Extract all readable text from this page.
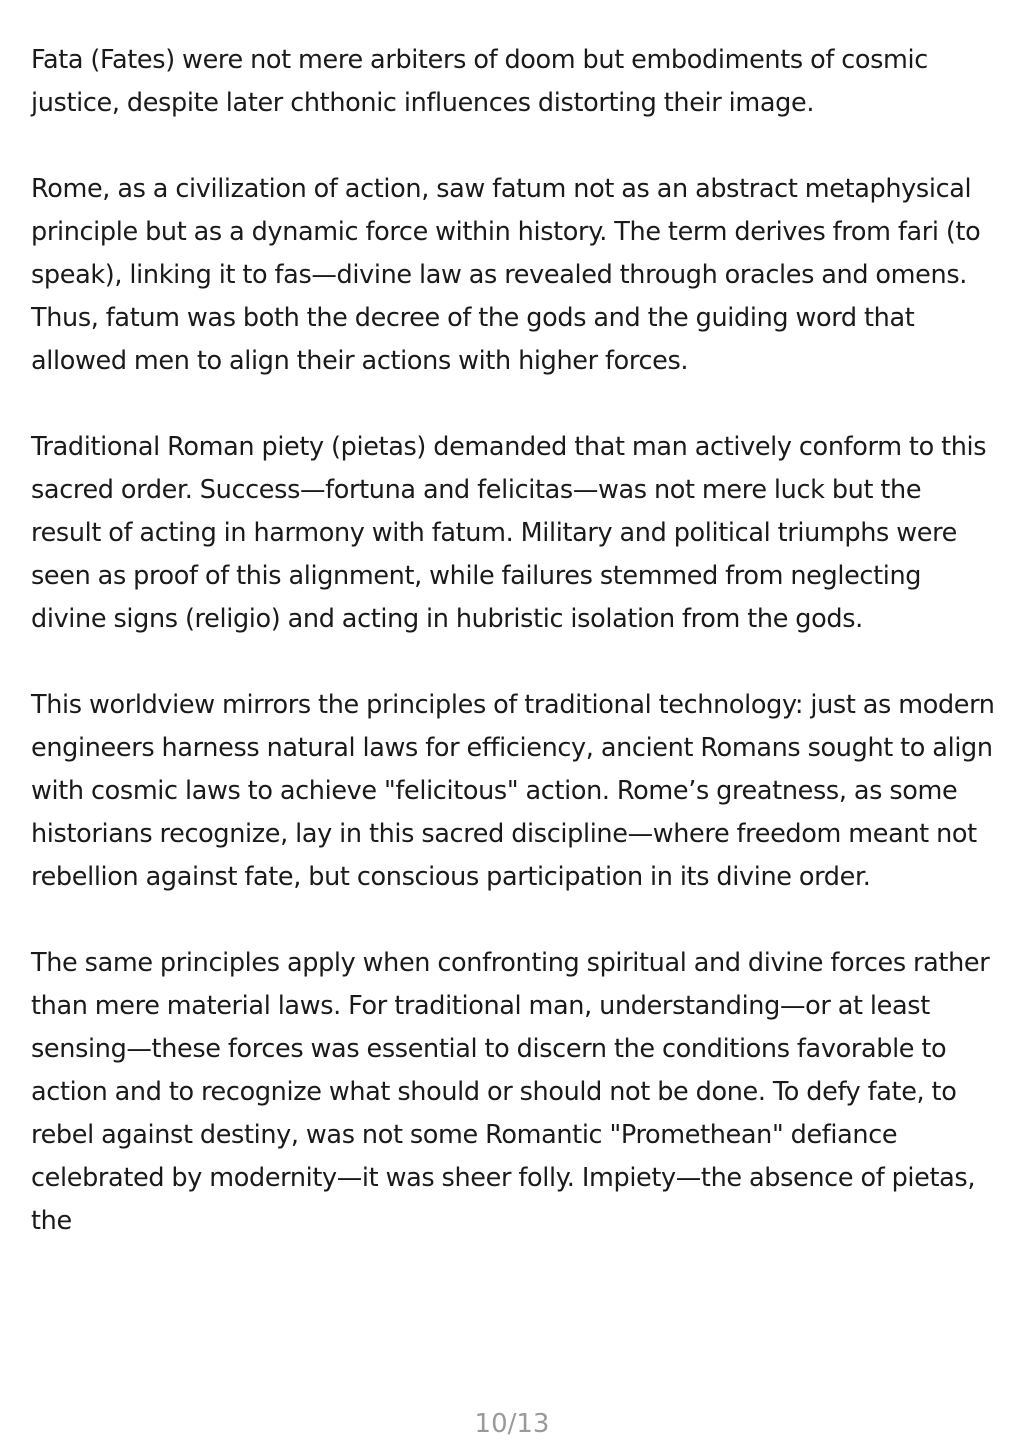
Fata (Fates) were not mere arbiters of doom but embodiments of cosmic justice, despite later chthonic influences distorting their image.

Rome, as a civilization of action, saw fatum not as an abstract metaphysical principle but as a dynamic force within history. The term derives from fari (to speak), linking it to fas—divine law as revealed through oracles and omens. Thus, fatum was both the decree of the gods and the guiding word that allowed men to align their actions with higher forces.

Traditional Roman piety (pietas) demanded that man actively conform to this sacred order. Success—fortuna and felicitas—was not mere luck but the result of acting in harmony with fatum. Military and political triumphs were seen as proof of this alignment, while failures stemmed from neglecting divine signs (religio) and acting in hubristic isolation from the gods.

This worldview mirrors the principles of traditional technology: just as modern engineers harness natural laws for efficiency, ancient Romans sought to align with cosmic laws to achieve "felicitous" action. Rome’s greatness, as some historians recognize, lay in this sacred discipline—where freedom meant not rebellion against fate, but conscious participation in its divine order.

The same principles apply when confronting spiritual and divine forces rather than mere material laws. For traditional man, understanding—or at least sensing—these forces was essential to discern the conditions favorable to action and to recognize what should or should not be done. To defy fate, to rebel against destiny, was not some Romantic "Promethean" defiance celebrated by modernity—it was sheer folly. Impiety—the absence of pietas, the

10/13
